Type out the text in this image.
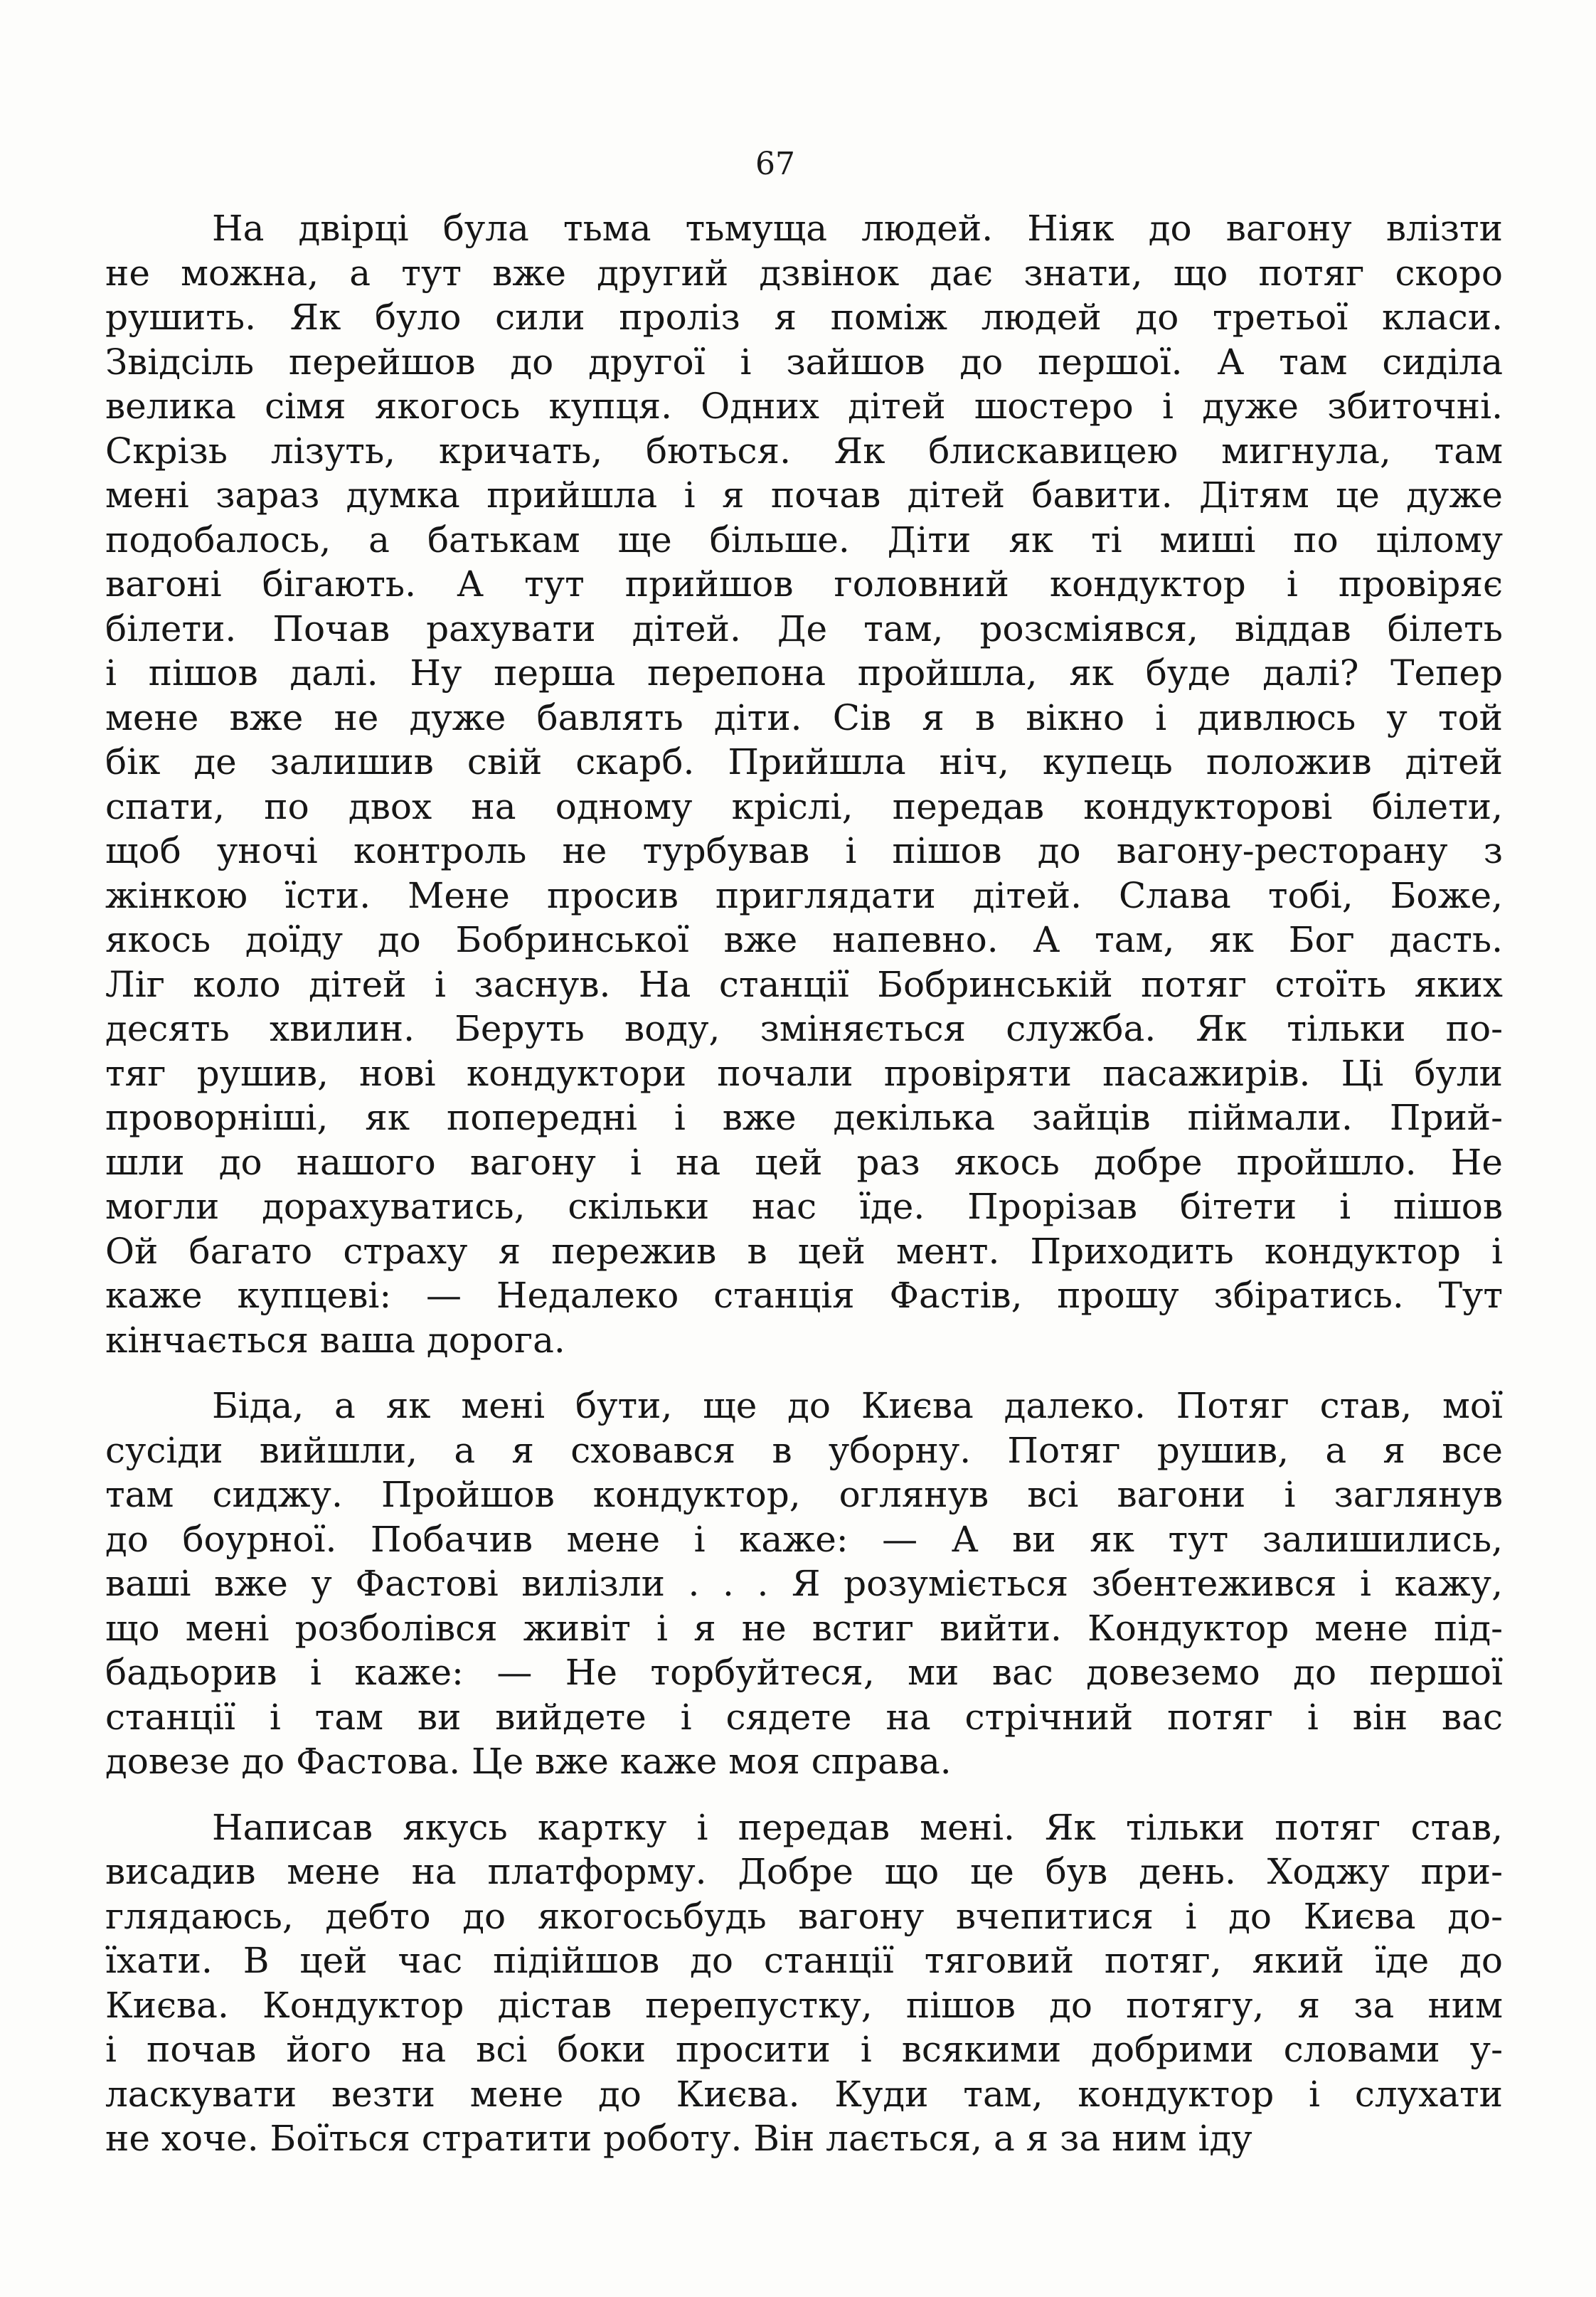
67
На двірці була тьма тьмуща людей. Ніяк до вагону влізти
не можна, а тут вже другий дзвінок дає знати, що потяг скоро
рушить. Як було сили проліз я поміж людей до третьої класи.
Звідсіль перейшов до другої і зайшов до першої. А там сиділа
велика сімя якогось купця. Одних дітей шостеро і дуже збиточні.
Скрізь лізуть, кричать, бються. Як блискавицею мигнула, там
мені зараз думка прийшла і я почав дітей бавити. Дітям це дуже
подобалось, а батькам ще більше. Діти як ті миші по цілому
вагоні бігають. А тут прийшов головний кондуктор і провіряє
білети. Почав рахувати дітей. Де там, розсміявся, віддав білеть
і пішов далі. Ну перша перепона пройшла, як буде далі? Тепер
мене вже не дуже бавлять діти. Сів я в вікно і дивлюсь у той
бік де залишив свій скарб. Прийшла ніч, купець положив дітей
спати, по двох на одному кріслі, передав кондукторові білети,
щоб уночі контроль не турбував і пішов до вагону-ресторану з
жінкою їсти. Мене просив приглядати дітей. Слава тобі, Боже,
якось доїду до Бобринської вже напевно. А там, як Бог дасть.
Ліг коло дітей і заснув. На станції Бобринській потяг стоїть яких
десять хвилин. Беруть воду, зміняється служба. Як тільки по-
тяг рушив, нові кондуктори почали провіряти пасажирів. Ці були
проворніші, як попередні і вже декілька зайців піймали. Прий-
шли до нашого вагону і на цей раз якось добре пройшло. Не
могли дорахуватись, скільки нас їде. Прорізав бітети і пішов
Ой багато страху я пережив в цей мент. Приходить кондуктор і
каже купцеві: — Недалеко станція Фастів, прошу збіратись. Тут
кінчається ваша дорога.
Біда, а як мені бути, ще до Києва далеко. Потяг став, мої
сусіди вийшли, а я сховався в уборну. Потяг рушив, а я все
там сиджу. Пройшов кондуктор, оглянув всі вагони і заглянув
до боурної. Побачив мене і каже: — А ви як тут залишились,
ваші вже у Фастові вилізли . . . Я розуміється збентежився і кажу,
що мені розболівся живіт і я не встиг вийти. Кондуктор мене під-
бадьорив і каже: — Не торбуйтеся, ми вас довеземо до першої
станції і там ви вийдете і сядете на стрічний потяг і він вас
довезе до Фастова. Це вже каже моя справа.
Написав якусь картку і передав мені. Як тільки потяг став,
висадив мене на платформу. Добре що це був день. Ходжу при-
глядаюсь, дебто до якогосьбудь вагону вчепитися і до Києва до-
їхати. В цей час підійшов до станції тяговий потяг, який їде до
Києва. Кондуктор дістав перепустку, пішов до потягу, я за ним
і почав його на всі боки просити і всякими добрими словами у-
ласкувати везти мене до Києва. Куди там, кондуктор і слухати
не хоче. Боїться стратити роботу. Він лається, а я за ним іду
